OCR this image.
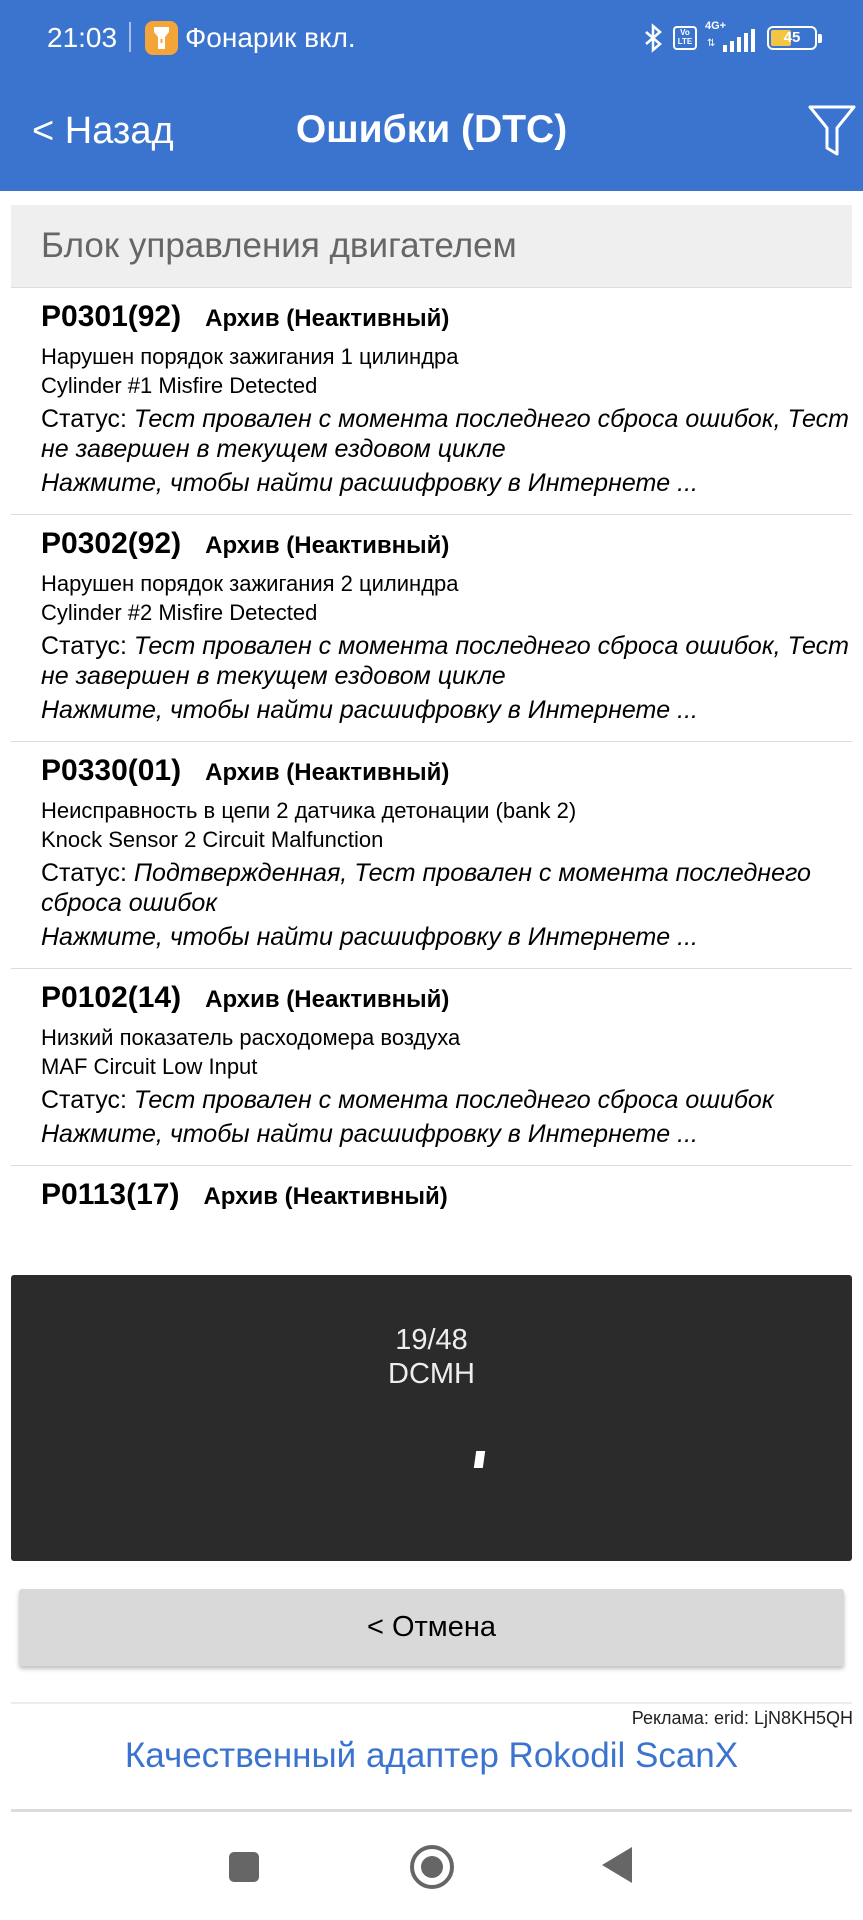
21:03 Фонарик вкл.	Vo LTE
4G+
⇅	45
< Назад	Ошибки (DTC)
Блок управления двигателем
P0301(92) Архив (Неактивный)
Нарушен порядок зажигания 1 цилиндра
Cylinder #1 Misfire Detected
Статус: Тест провален с момента последнего сброса ошибок, Тест не завершен в текущем ездовом цикле
Нажмите, чтобы найти расшифровку в Интернете ...
P0302(92) Архив (Неактивный)
Нарушен порядок зажигания 2 цилиндра
Cylinder #2 Misfire Detected
Статус: Тест провален с момента последнего сброса ошибок, Тест не завершен в текущем ездовом цикле
Нажмите, чтобы найти расшифровку в Интернете ...
P0330(01) Архив (Неактивный)
Неисправность в цепи 2 датчика детонации (bank 2)
Knock Sensor 2 Circuit Malfunction
Статус: Подтвержденная, Тест провален с момента последнего сброса ошибок
Нажмите, чтобы найти расшифровку в Интернете ...
P0102(14) Архив (Неактивный)
Низкий показатель расходомера воздуха
MAF Circuit Low Input
Статус: Тест провален с момента последнего сброса ошибок
Нажмите, чтобы найти расшифровку в Интернете ...
P0113(17) Архив (Неактивный)
19/48
DCMH
< Отмена
Реклама: erid: LjN8KH5QH
Качественный адаптер Rokodil ScanX
